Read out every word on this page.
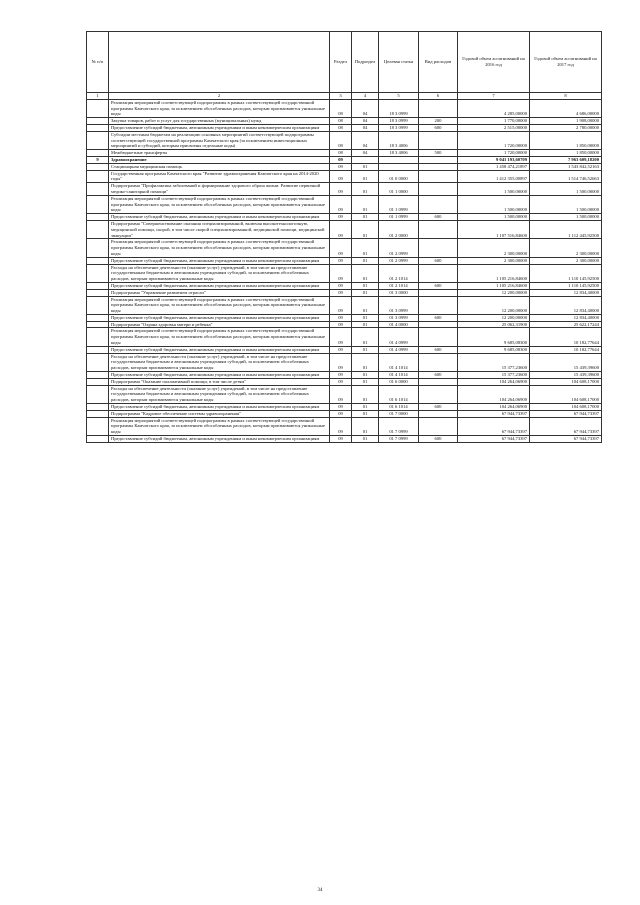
№ п/п		Раздел	Подраздел	Целевая статья	Вид расходов	Годовой объем ассигнований на 2016 год	Годовой объем ассигнований на 2017 год
1	2	3	4	5	6	7	8
	Реализация мероприятий соответствующей подпрограммы в рамках соответствующей государственной программы Камчатского края, за исключением обособленных расходов, которым присваиваются уникальные коды	08	04	18 3 0999		4 285,00000	4 686,00000
	Закупка товаров, работ и услуг для государственных (муниципальных) нужд	08	04	18 3 0999	200	1 770,00000	1 908,00000
	Предоставление субсидий бюджетным, автономным учреждениям и иным некоммерческим организациям	08	04	18 3 0999	600	2 515,00000	2 780,00000
	Субсидии местным бюджетам на реализацию основных мероприятий соответствующей подпрограммы соответствующей государственной программы Камчатского края (за исключением инвестиционных мероприятий и субсидий, которым присвоены отдельные коды)	08	04	18 3 4006		1 720,00000	1 850,00000
	Межбюджетные трансферты	08	04	18 3 4006	500	1 720,00000	1 850,00000
9	Здравоохранение	09				9 041 193,60709	7 963 609,18200
	Стационарная медицинская помощь	09	01			1 458 474,21897	1 543 842,52163
	Государственная программа Камчатского края "Развитие здравоохранения Камчатского края на 2014-2020 годы"	09	01	01 0 0000		1 412 355,00897	1 514 746,52663
	Подпрограмма "Профилактика заболеваний и формирование здорового образа жизни. Развитие первичной медико-санитарной помощи"	09	01	01 1 0000		1 500,00000	1 500,00000
	Реализация мероприятий соответствующей подпрограммы в рамках соответствующей государственной программы Камчатского края, за исключением обособленных расходов, которым присваиваются уникальные коды	09	01	01 1 0999		1 500,00000	1 500,00000
	Предоставление субсидий бюджетным, автономным учреждениям и иным некоммерческим организациям	09	01	01 1 0999	600	1 500,00000	1 500,00000
	Подпрограмма "Совершенствование оказания специализированной, включая высокотехнологичную, медицинской помощи, скорой, в том числе скорой специализированной, медицинской помощи, медицинской эвакуации"	09	01	01 2 0000		1 107 516,84600	1 112 445,92500
	Реализация мероприятий соответствующей подпрограммы в рамках соответствующей государственной программы Камчатского края, за исключением обособленных расходов, которым присваиваются уникальные коды	09	01	01 2 0999		2 300,00000	2 300,00000
	Предоставление субсидий бюджетным, автономным учреждениям и иным некоммерческим организациям	09	01	01 2 0999	600	2 300,00000	2 300,00000
	Расходы на обеспечение деятельности (оказание услуг) учреждений, в том числе на предоставление государственным бюджетным и автономным учреждениям субсидий, за исключением обособленных расходов, которым присваиваются уникальные коды	09	01	01 2 1014		1 105 216,84600	1 110 145,92500
	Предоставление субсидий бюджетным, автономным учреждениям и иным некоммерческим организациям	09	01	01 2 1014	600	1 105 216,84600	1 110 145,92500
	Подпрограмма "Управление развитием отрасли"	09	01	01 3 0000		12 200,00000	12 834,40000
	Реализация мероприятий соответствующей подпрограммы в рамках соответствующей государственной программы Камчатского края, за исключением обособленных расходов, которым присваиваются уникальные коды	09	01	01 3 0999		12 200,00000	12 834,40000
	Предоставление субсидий бюджетным, автономным учреждениям и иным некоммерческим организациям	09	01	01 3 0999	600	12 200,00000	12 834,40000
	Подпрограмма "Охрана здоровья матери и ребенка"	09	01	01 4 0000		25 062,31900	25 622,17244
	Реализация мероприятий соответствующей подпрограммы в рамках соответствующей государственной программы Камчатского края, за исключением обособленных расходов, которым присваиваются уникальные коды	09	01	01 4 0999		9 685,08300	10 182,77644
	Предоставление субсидий бюджетным, автономным учреждениям и иным некоммерческим организациям	09	01	01 4 0999	600	9 685,08300	10 182,77644
	Расходы на обеспечение деятельности (оказание услуг) учреждений, в том числе на предоставление государственным бюджетным и автономным учреждениям субсидий, за исключением обособленных расходов, которым присваиваются уникальные коды	09	01	01 4 1014		15 377,23600	15 439,39600
	Предоставление субсидий бюджетным, автономным учреждениям и иным некоммерческим организациям	09	01	01 4 1014	600	15 377,23600	15 439,39600
	Подпрограмма "Оказание паллиативной помощи, в том числе детям"	09	01	01 6 0000		104 264,06900	104 608,17000
	Расходы на обеспечение деятельности (оказание услуг) учреждений, в том числе на предоставление государственным бюджетным и автономным учреждениям субсидий, за исключением обособленных расходов, которым присваиваются уникальные коды	09	01	01 6 1014		104 264,06900	104 608,17000
	Предоставление субсидий бюджетным, автономным учреждениям и иным некоммерческим организациям	09	01	01 6 1014	600	104 264,06900	104 608,17000
	Подпрограмма "Кадровое обеспечение системы здравоохранения"	09	01	01 7 0000		67 944,73397	67 944,73397
	Реализация мероприятий соответствующей подпрограммы в рамках соответствующей государственной программы Камчатского края, за исключением обособленных расходов, которым присваиваются уникальные коды	09	01	01 7 0999		67 944,73397	67 944,73397
	Предоставление субсидий бюджетным, автономным учреждениям и иным некоммерческим организациям	09	01	01 7 0999	600	67 944,73397	67 944,73397
34
